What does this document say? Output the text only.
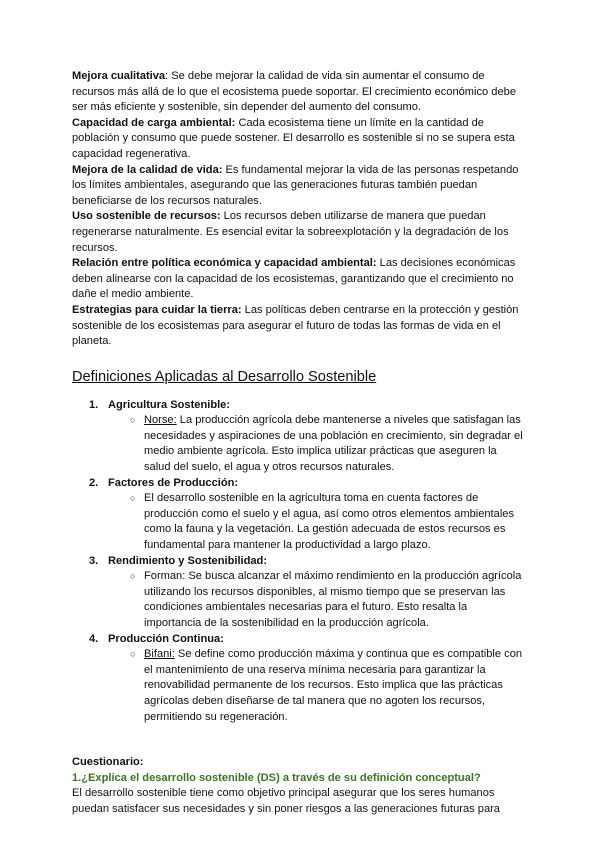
Mejora cualitativa: Se debe mejorar la calidad de vida sin aumentar el consumo de recursos más allá de lo que el ecosistema puede soportar. El crecimiento económico debe ser más eficiente y sostenible, sin depender del aumento del consumo.

Capacidad de carga ambiental: Cada ecosistema tiene un límite en la cantidad de población y consumo que puede sostener. El desarrollo es sostenible si no se supera esta capacidad regenerativa.

Mejora de la calidad de vida: Es fundamental mejorar la vida de las personas respetando los límites ambientales, asegurando que las generaciones futuras también puedan beneficiarse de los recursos naturales.

Uso sostenible de recursos: Los recursos deben utilizarse de manera que puedan regenerarse naturalmente. Es esencial evitar la sobreexplotación y la degradación de los recursos.

Relación entre política económica y capacidad ambiental: Las decisiones económicas deben alinearse con la capacidad de los ecosistemas, garantizando que el crecimiento no dañe el medio ambiente.

Estrategias para cuidar la tierra: Las políticas deben centrarse en la protección y gestión sostenible de los ecosistemas para asegurar el futuro de todas las formas de vida en el planeta.

Definiciones Aplicadas al Desarrollo Sostenible
1. Agricultura Sostenible:
○ Norse: La producción agrícola debe mantenerse a niveles que satisfagan las necesidades y aspiraciones de una población en crecimiento, sin degradar el medio ambiente agrícola. Esto implica utilizar prácticas que aseguren la salud del suelo, el agua y otros recursos naturales.
2. Factores de Producción:
○ El desarrollo sostenible en la agricultura toma en cuenta factores de producción como el suelo y el agua, así como otros elementos ambientales como la fauna y la vegetación. La gestión adecuada de estos recursos es fundamental para mantener la productividad a largo plazo.
3. Rendimiento y Sostenibilidad:
○ Forman: Se busca alcanzar el máximo rendimiento en la producción agrícola utilizando los recursos disponibles, al mismo tiempo que se preservan las condiciones ambientales necesarias para el futuro. Esto resalta la importancia de la sostenibilidad en la producción agrícola.
4. Producción Continua:
○ Bifani: Se define como producción máxima y continua que es compatible con el mantenimiento de una reserva mínima necesaria para garantizar la renovabilidad permanente de los recursos. Esto implica que las prácticas agrícolas deben diseñarse de tal manera que no agoten los recursos, permitiendo su regeneración.
Cuestionario:
1.¿Explica el desarrollo sostenible (DS) a través de su definición conceptual?
El desarrollo sostenible tiene como objetivo principal asegurar que los seres humanos puedan satisfacer sus necesidades y sin poner riesgos a las generaciones futuras para
